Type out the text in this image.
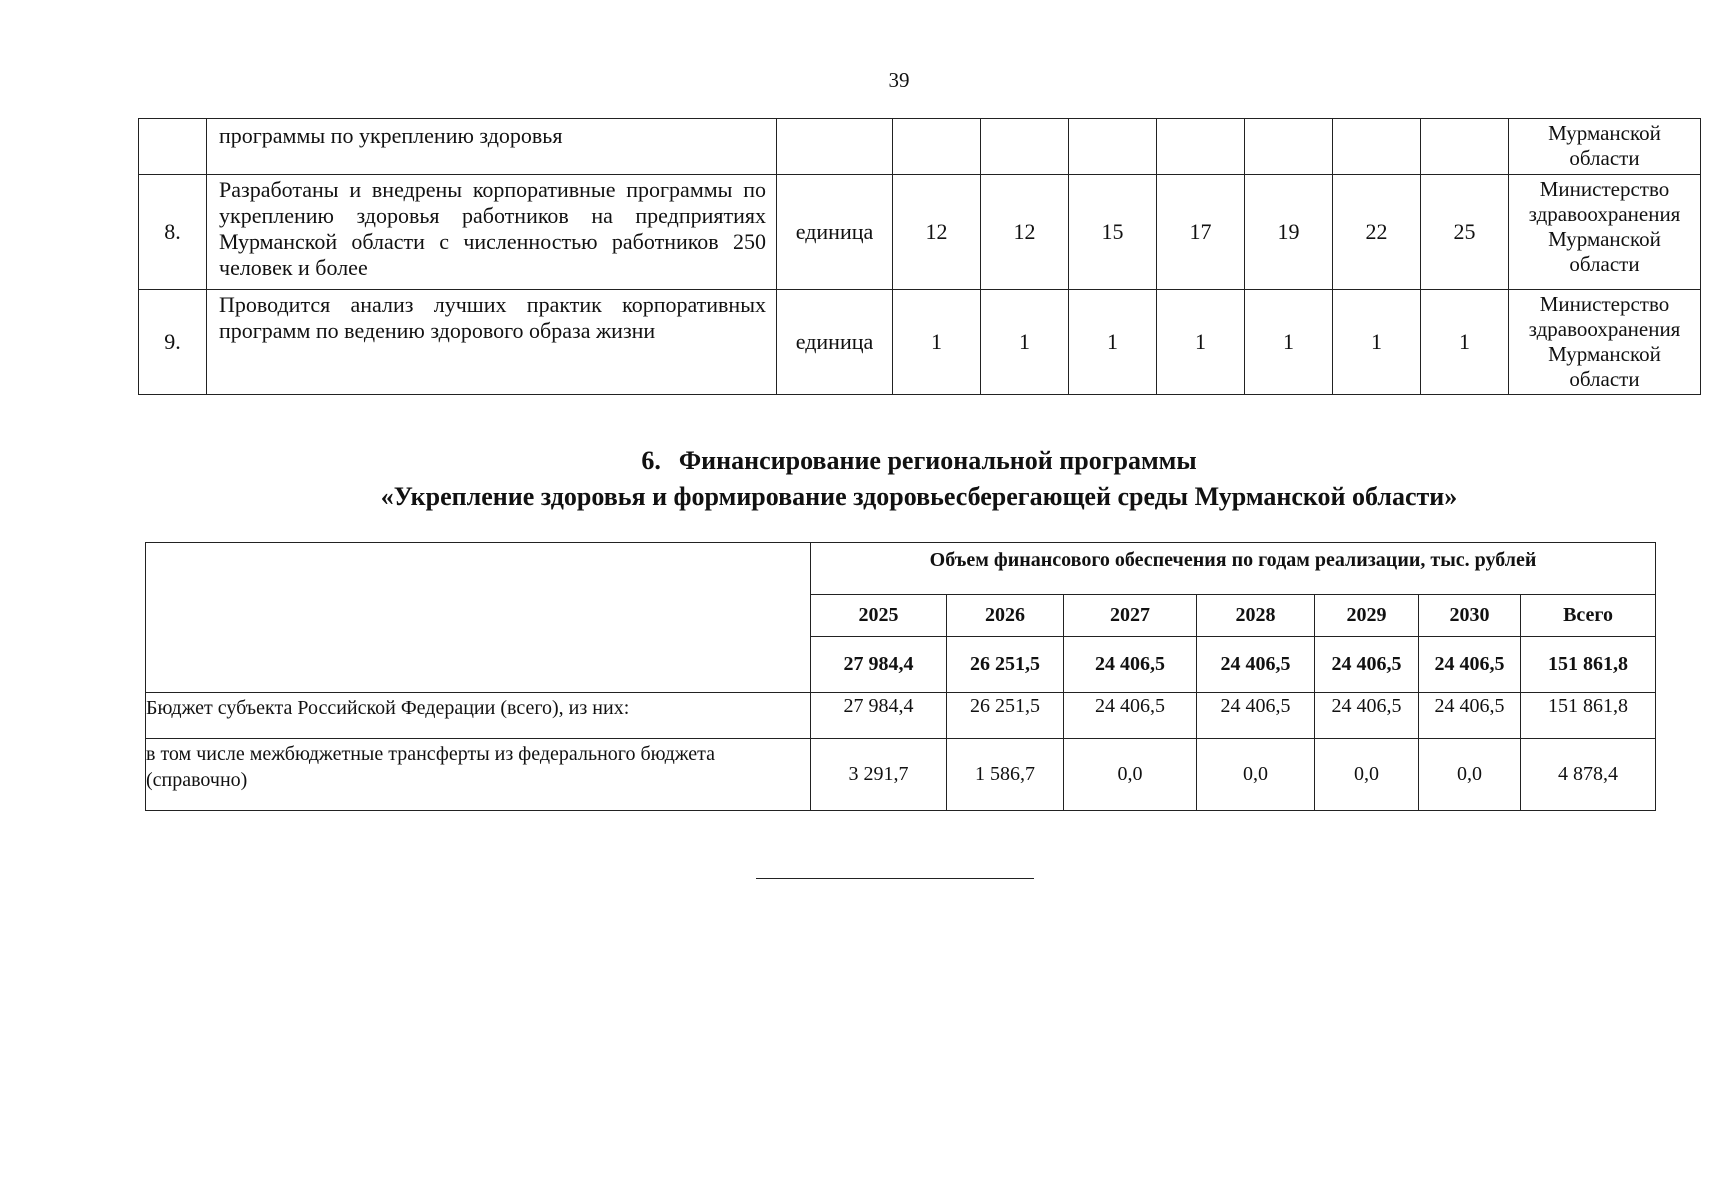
39
	программы по укреплению здоровья									Мурманской области
8.	Разработаны и внедрены корпоративные программы по укреплению здоровья работников на предприятиях Мурманской области с численностью работников 250 человек и более	единица	12	12	15	17	19	22	25	Министерство здравоохранения Мурманской области
9.	Проводится анализ лучших практик корпоративных программ по ведению здорового образа жизни	единица	1	1	1	1	1	1	1	Министерство здравоохранения Мурманской области
6. Финансирование региональной программы
«Укрепление здоровья и формирование здоровьесберегающей среды Мурманской области»
	Объем финансового обеспечения по годам реализации, тыс. рублей						
	2025	2026	2027	2028	2029	2030	Всего
	27 984,4	26 251,5	24 406,5	24 406,5	24 406,5	24 406,5	151 861,8
Бюджет субъекта Российской Федерации (всего), из них:	27 984,4	26 251,5	24 406,5	24 406,5	24 406,5	24 406,5	151 861,8
в том числе межбюджетные трансферты из федерального бюджета (справочно)	3 291,7	1 586,7	0,0	0,0	0,0	0,0	4 878,4
